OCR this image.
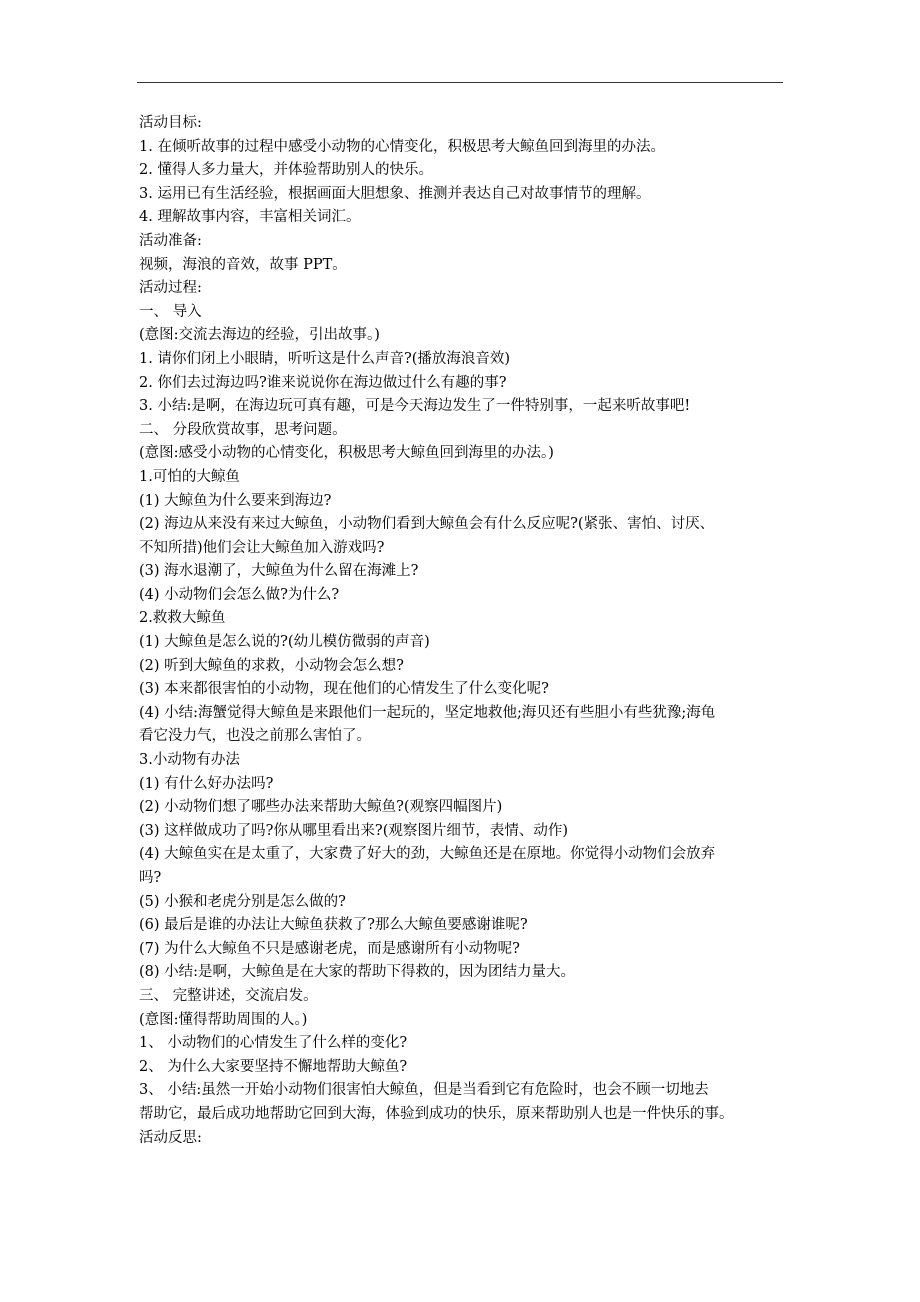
活动目标:
1. 在倾听故事的过程中感受小动物的心情变化，积极思考大鲸鱼回到海里的办法。
2. 懂得人多力量大，并体验帮助别人的快乐。
3. 运用已有生活经验，根据画面大胆想象、推测并表达自己对故事情节的理解。
4. 理解故事内容，丰富相关词汇。
活动准备:
视频，海浪的音效，故事 PPT。
活动过程:
一、 导入
(意图:交流去海边的经验，引出故事。)
1. 请你们闭上小眼睛，听听这是什么声音?(播放海浪音效)
2. 你们去过海边吗?谁来说说你在海边做过什么有趣的事?
3. 小结:是啊，在海边玩可真有趣，可是今天海边发生了一件特别事，一起来听故事吧!
二、 分段欣赏故事，思考问题。
(意图:感受小动物的心情变化，积极思考大鲸鱼回到海里的办法。)
1.可怕的大鲸鱼
(1) 大鲸鱼为什么要来到海边?
(2) 海边从来没有来过大鲸鱼，小动物们看到大鲸鱼会有什么反应呢?(紧张、害怕、讨厌、
不知所措)他们会让大鲸鱼加入游戏吗?
(3) 海水退潮了，大鲸鱼为什么留在海滩上?
(4) 小动物们会怎么做?为什么?
2.救救大鲸鱼
(1) 大鲸鱼是怎么说的?(幼儿模仿微弱的声音)
(2) 听到大鲸鱼的求救，小动物会怎么想?
(3) 本来都很害怕的小动物，现在他们的心情发生了什么变化呢?
(4) 小结:海蟹觉得大鲸鱼是来跟他们一起玩的，坚定地救他;海贝还有些胆小有些犹豫;海龟
看它没力气，也没之前那么害怕了。
3.小动物有办法
(1) 有什么好办法吗?
(2) 小动物们想了哪些办法来帮助大鲸鱼?(观察四幅图片)
(3) 这样做成功了吗?你从哪里看出来?(观察图片细节，表情、动作)
(4) 大鲸鱼实在是太重了，大家费了好大的劲，大鲸鱼还是在原地。你觉得小动物们会放弃
吗?
(5) 小猴和老虎分别是怎么做的?
(6) 最后是谁的办法让大鲸鱼获救了?那么大鲸鱼要感谢谁呢?
(7) 为什么大鲸鱼不只是感谢老虎，而是感谢所有小动物呢?
(8) 小结:是啊，大鲸鱼是在大家的帮助下得救的，因为团结力量大。
三、 完整讲述，交流启发。
(意图:懂得帮助周围的人。)
1、 小动物们的心情发生了什么样的变化?
2、 为什么大家要坚持不懈地帮助大鲸鱼?
3、 小结:虽然一开始小动物们很害怕大鲸鱼，但是当看到它有危险时，也会不顾一切地去
帮助它，最后成功地帮助它回到大海，体验到成功的快乐，原来帮助别人也是一件快乐的事。
活动反思:
